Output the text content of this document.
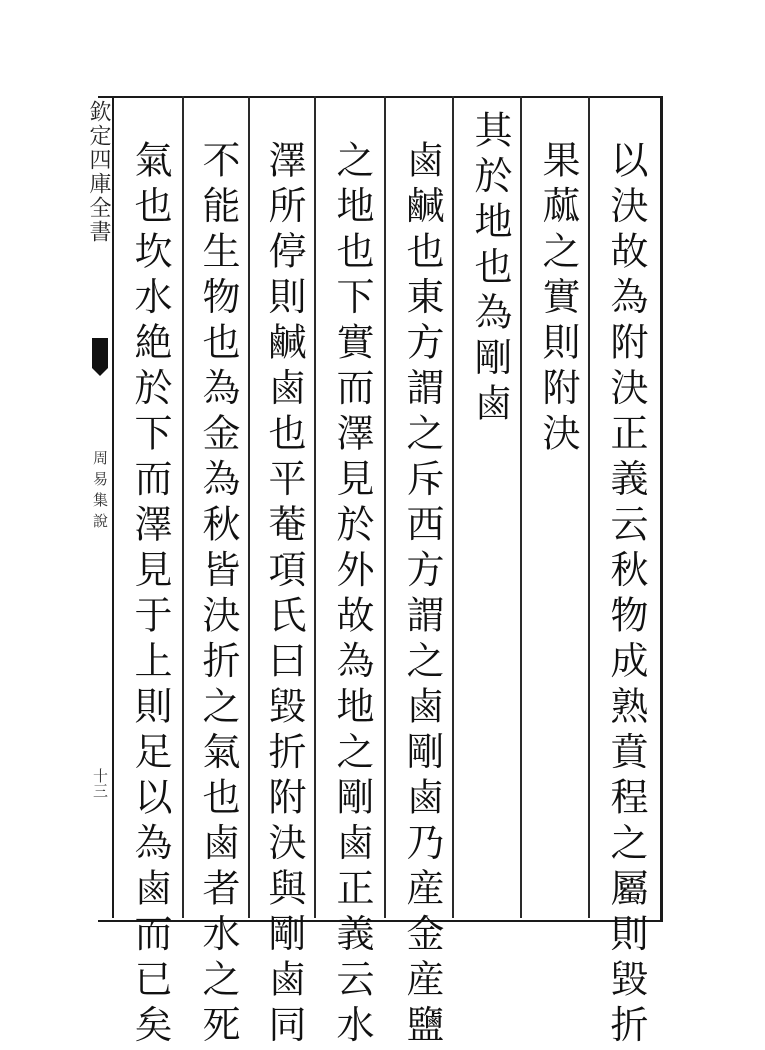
欽定四庫全書
周易集說
十三	以決故為附決正義云秋物成熟賁程之屬則毀折
果蓏之實則附決
其於地也為剛鹵
鹵鹹也東方謂之斥西方謂之鹵剛鹵乃産金産鹽
之地也下實而澤見於外故為地之剛鹵正義云水
澤所停則鹹鹵也平菴項氏曰毀折附決與剛鹵同
不能生物也為金為秋皆決折之氣也鹵者水之死
氣也坎水絶於下而澤見于上則足以為鹵而已矣
